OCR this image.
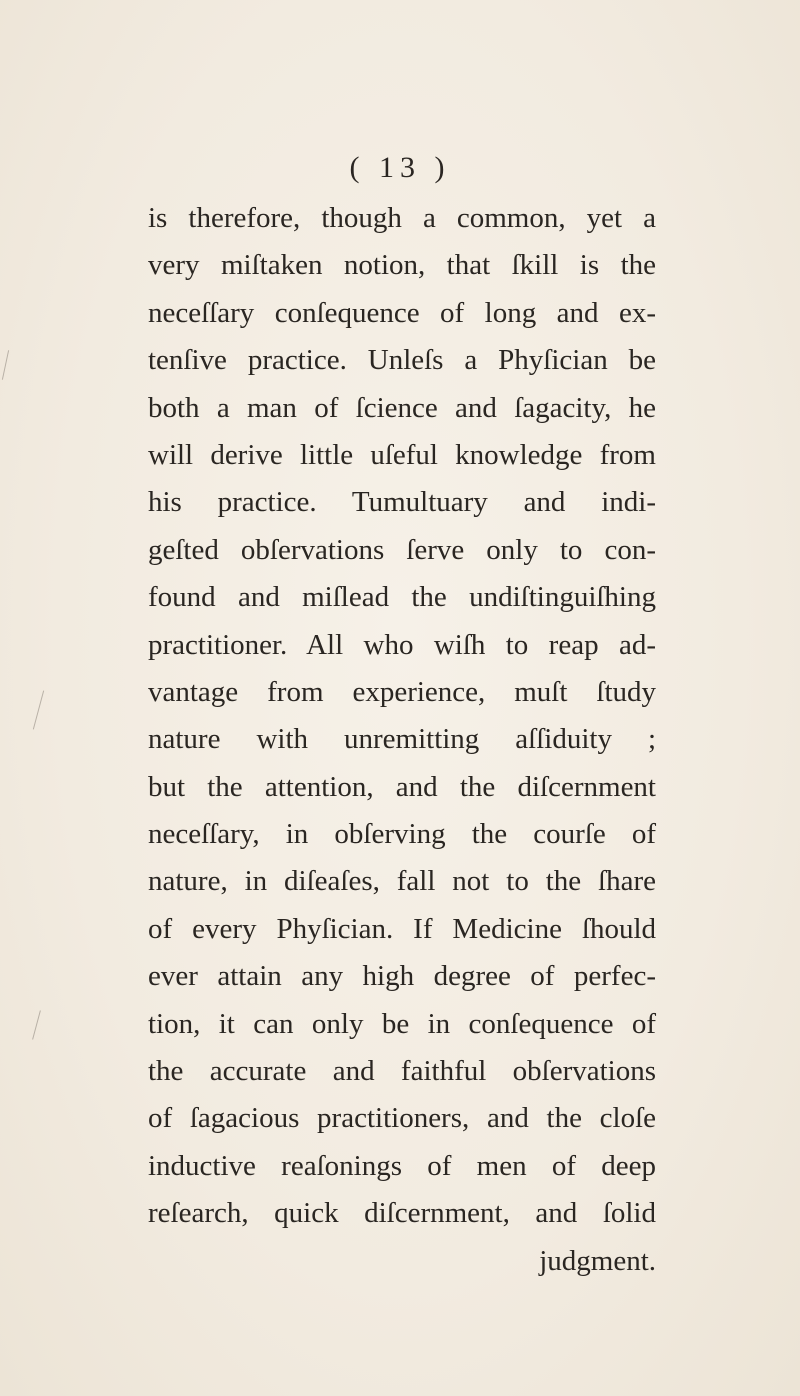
( 13 )
is therefore, though a common, yet a
very miſtaken notion, that ſkill is the
neceſſary conſequence of long and ex-
tenſive practice. Unleſs a Phyſician be
both a man of ſcience and ſagacity, he
will derive little uſeful knowledge from
his practice. Tumultuary and indi-
geſted obſervations ſerve only to con-
found and miſlead the undiſtinguiſhing
practitioner. All who wiſh to reap ad-
vantage from experience, muſt ſtudy
nature with unremitting aſſiduity ;
but the attention, and the diſcernment
neceſſary, in obſerving the courſe of
nature, in diſeaſes, fall not to the ſhare
of every Phyſician. If Medicine ſhould
ever attain any high degree of perfec-
tion, it can only be in conſequence of
the accurate and faithful obſervations
of ſagacious practitioners, and the cloſe
inductive reaſonings of men of deep
reſearch, quick diſcernment, and ſolid
judgment.
